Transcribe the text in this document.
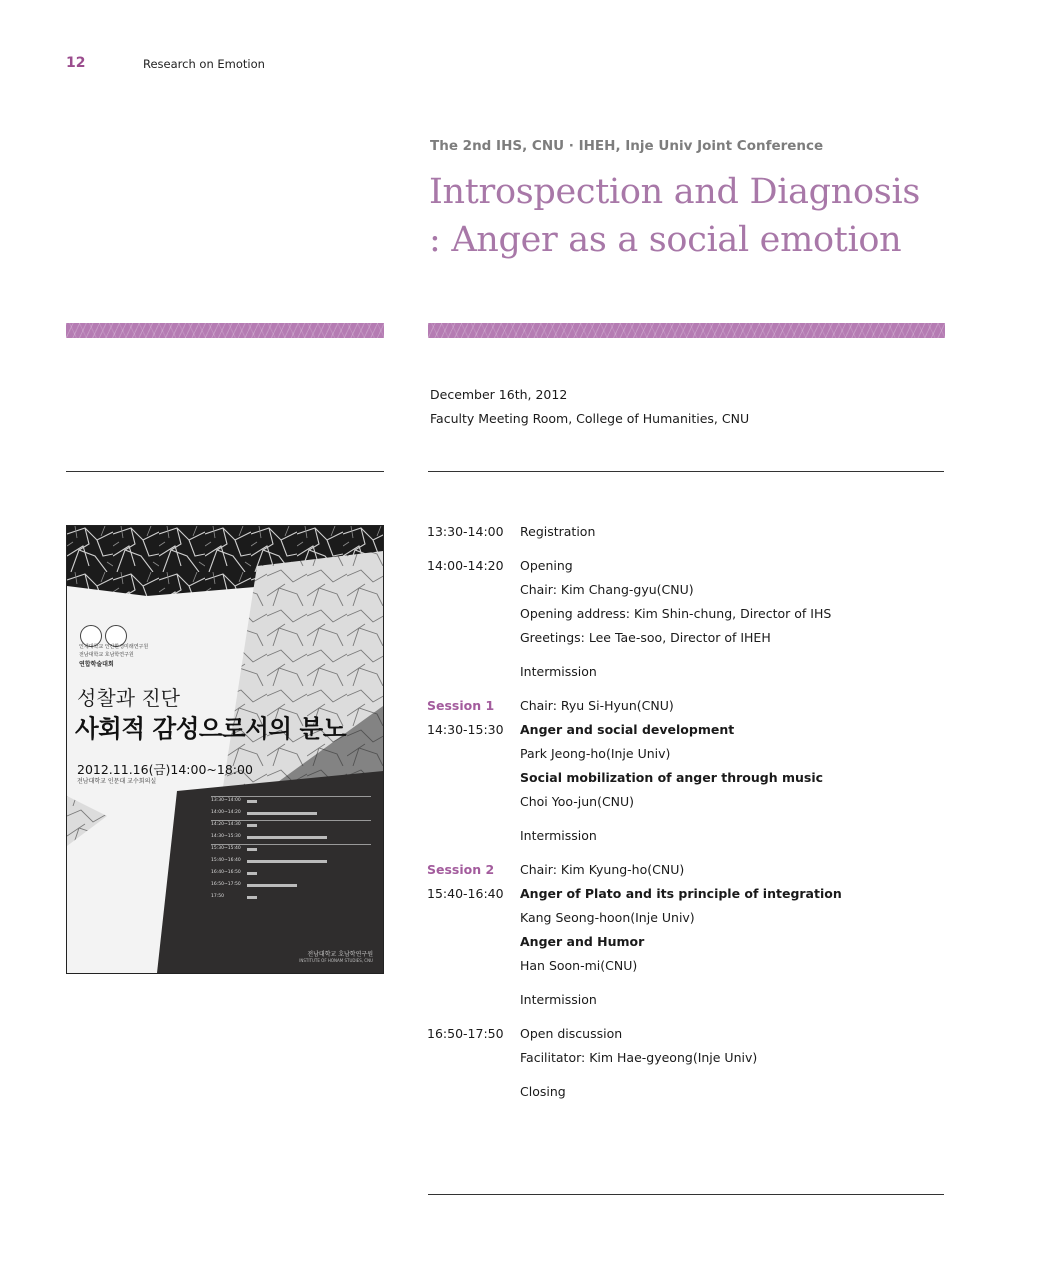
12	Research on Emotion
The 2nd IHS, CNU · IHEH, Inje Univ Joint Conference
Introspection and Diagnosis
: Anger as a social emotion
December 16th, 2012
Faculty Meeting Room, College of Humanities, CNU
인제대학교 인간환경미래연구원
전남대학교 호남학연구원
연합학술대회
성찰과 진단
사회적 감성으로서의 분노
2012.11.16(금)14:00~18:00
전남대학교 인문대 교수회의실
13:30~14:00
14:00~14:20
14:20~14:30
14:30~15:30
15:30~15:40
15:40~16:40
16:40~16:50
16:50~17:50
17:50
전남대학교 호남학연구원
INSTITUTE OF HONAM STUDIES, CNU
13:30-14:00 Registration
14:00-14:20 Opening
Chair: Kim Chang-gyu(CNU)
Opening address: Kim Shin-chung, Director of IHS
Greetings: Lee Tae-soo, Director of IHEH
Intermission
Session 1 Chair: Ryu Si-Hyun(CNU)
14:30-15:30 Anger and social development
Park Jeong-ho(Inje Univ)
Social mobilization of anger through music
Choi Yoo-jun(CNU)
Intermission
Session 2 Chair: Kim Kyung-ho(CNU)
15:40-16:40 Anger of Plato and its principle of integration
Kang Seong-hoon(Inje Univ)
Anger and Humor
Han Soon-mi(CNU)
Intermission
16:50-17:50 Open discussion
Facilitator: Kim Hae-gyeong(Inje Univ)
Closing
